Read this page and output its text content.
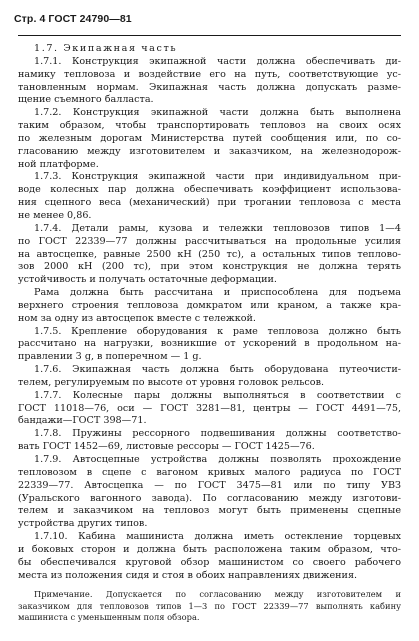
Стр. 4 ГОСТ 24790—81
1.7. Экипажная часть
1.7.1. Конструкция экипажной части должна обеспечивать ди-
намику тепловоза и воздействие его на путь, соответствующие ус-
тановленным нормам. Экипажная часть должна допускать разме-
щение съемного балласта.
1.7.2. Конструкция экипажной части должна быть выполнена
таким образом, чтобы транспортировать тепловоз на своих осях
по железным дорогам Министерства путей сообщения или, по со-
гласованию между изготовителем и заказчиком, на железнодорож-
ной платформе.
1.7.3. Конструкция экипажной части при индивидуальном при-
воде колесных пар должна обеспечивать коэффициент использова-
ния сцепного веса (механический) при трогании тепловоза с места
не менее 0,86.
1.7.4. Детали рамы, кузова и тележки тепловозов типов 1—4
по ГОСТ 22339—77 должны рассчитываться на продольные усилия
на автосцепке, равные 2500 кН (250 тс), а остальных типов теплово-
зов 2000 кН (200 тс), при этом конструкция не должна терять
устойчивость и получать остаточные деформации.
Рама должна быть рассчитана и приспособлена для подъема
верхнего строения тепловоза домкратом или краном, а также кра-
ном за одну из автосцепок вместе с тележкой.
1.7.5. Крепление оборудования к раме тепловоза должно быть
рассчитано на нагрузки, возникшие от ускорений в продольном на-
правлении 3 g, в поперечном — 1 g.
1.7.6. Экипажная часть должна быть оборудована путеочисти-
телем, регулируемым по высоте от уровня головок рельсов.
1.7.7. Колесные пары должны выполняться в соответствии с
ГОСТ 11018—76, оси — ГОСТ 3281—81, центры — ГОСТ 4491—75,
бандажи—ГОСТ 398—71.
1.7.8. Пружины рессорного подвешивания должны соответство-
вать ГОСТ 1452—69, листовые рессоры — ГОСТ 1425—76.
1.7.9. Автосцепные устройства должны позволять прохождение
тепловозом в сцепе с вагоном кривых малого радиуса по ГОСТ
22339—77. Автосцепка — по ГОСТ 3475—81 или по типу УВЗ
(Уральского вагонного завода). По согласованию между изготови-
телем и заказчиком на тепловоз могут быть применены сцепные
устройства других типов.
1.7.10. Кабина машиниста должна иметь остекление торцевых
и боковых сторон и должна быть расположена таким образом, что-
бы обеспечивался круговой обзор машинистом со своего рабочего
места из положения сидя и стоя в обоих направлениях движения.
Примечание. Допускается по согласованию между изготовителем и
заказчиком для тепловозов типов 1—3 по ГОСТ 22339—77 выполнять кабину
машиниста с уменьшенным поля обзора.
